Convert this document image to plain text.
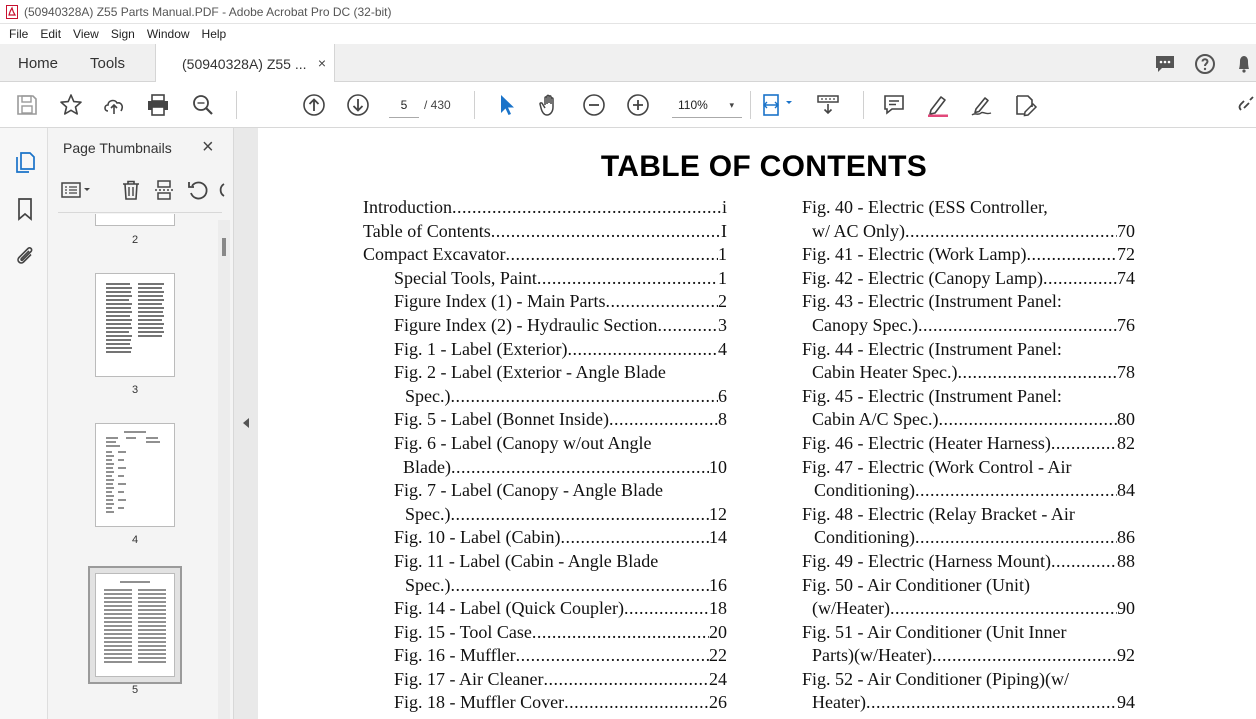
(50940328A) Z55 Parts Manual.PDF - Adobe Acrobat Pro DC (32-bit)
File	Edit	View	Sign	Window	Help
Home Tools	(50940328A) Z55 ... ×
5	/ 430	110% ▾
Page Thumbnails ×
2
3
4
5
TABLE OF CONTENTS
Introduction .....	i
Table of Contents .....	I
Compact Excavator .....	1
Special Tools, Paint .....	1
Figure Index (1) - Main Parts .....	2
Figure Index (2) - Hydraulic Section .....	3
Fig. 1 - Label (Exterior) .....	4
Fig. 2 - Label (Exterior - Angle Blade
Spec.) .....	6
Fig. 5 - Label (Bonnet Inside) .....	8
Fig. 6 - Label (Canopy w/out Angle
Blade) .....	10
Fig. 7 - Label (Canopy - Angle Blade
Spec.) .....	12
Fig. 10 - Label (Cabin) .....	14
Fig. 11 - Label (Cabin - Angle Blade
Spec.) .....	16
Fig. 14 - Label (Quick Coupler) .....	18
Fig. 15 - Tool Case .....	20
Fig. 16 - Muffler .....	22
Fig. 17 - Air Cleaner .....	24
Fig. 18 - Muffler Cover .....	26
Fig. 40 - Electric (ESS Controller,
w/ AC Only) .....	70
Fig. 41 - Electric (Work Lamp) .....	72
Fig. 42 - Electric (Canopy Lamp) .....	74
Fig. 43 - Electric (Instrument Panel:
Canopy Spec.) .....	76
Fig. 44 - Electric (Instrument Panel:
Cabin Heater Spec.) .....	78
Fig. 45 - Electric (Instrument Panel:
Cabin A/C Spec.) .....	80
Fig. 46 - Electric (Heater Harness) .....	82
Fig. 47 - Electric (Work Control - Air
Conditioning) .....	84
Fig. 48 - Electric (Relay Bracket - Air
Conditioning) .....	86
Fig. 49 - Electric (Harness Mount) .....	88
Fig. 50 - Air Conditioner (Unit)
(w/Heater) .....	90
Fig. 51 - Air Conditioner (Unit Inner
Parts)(w/Heater) .....	92
Fig. 52 - Air Conditioner (Piping)(w/
Heater) .....	94
